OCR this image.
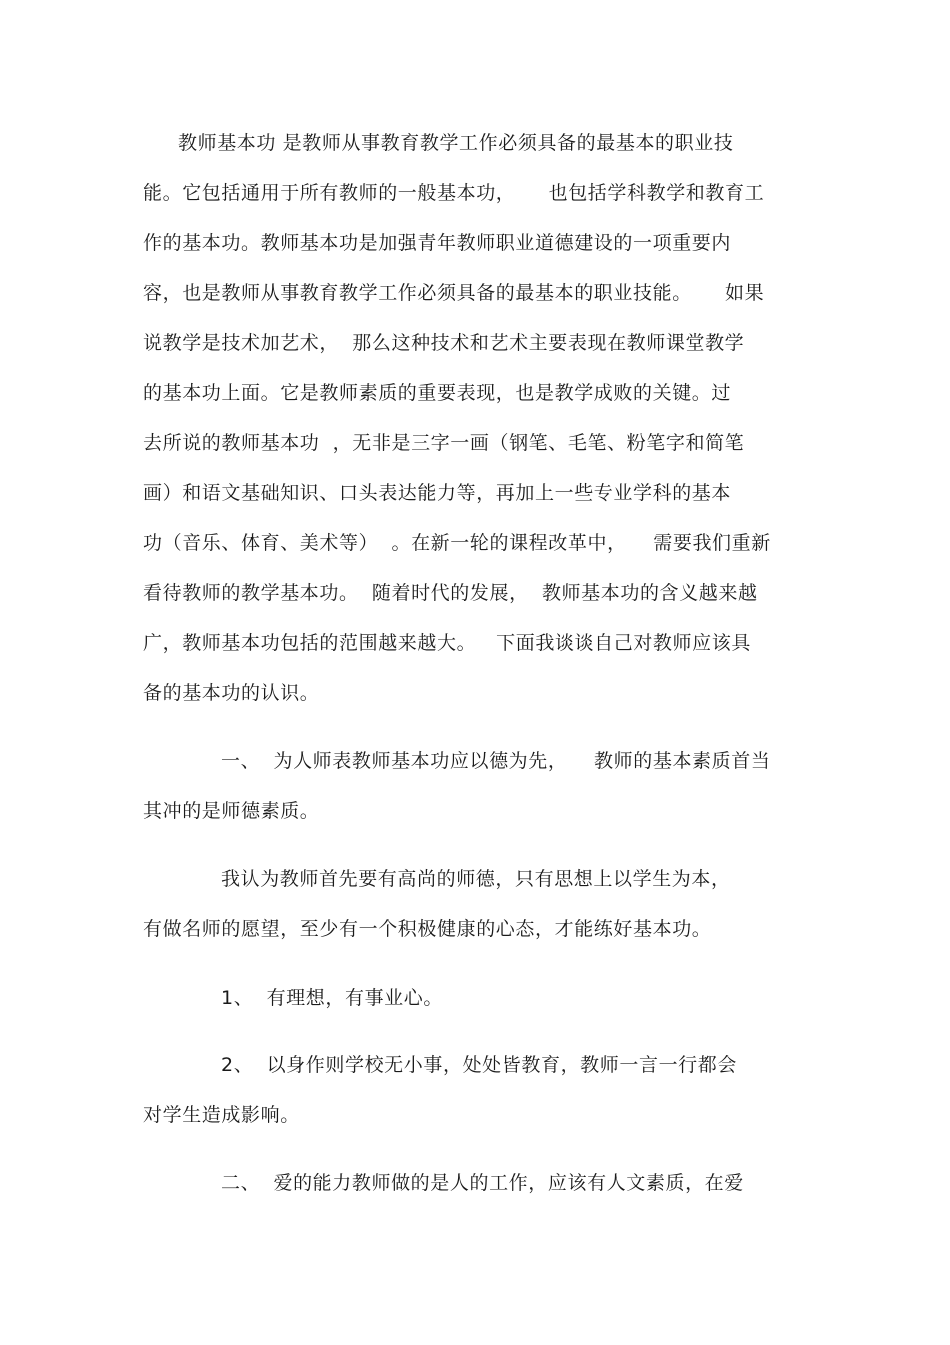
教师基本功 是教师从事教育教学工作必须具备的最基本的职业技
能。它包括通用于所有教师的一般基本功，     也包括学科教学和教育工
作的基本功。教师基本功是加强青年教师职业道德建设的一项重要内
容，也是教师从事教育教学工作必须具备的最基本的职业技能。     如果
说教学是技术加艺术，  那么这种技术和艺术主要表现在教师课堂教学
的基本功上面。它是教师素质的重要表现，也是教学成败的关键。过
去所说的教师基本功  ，无非是三字一画（钢笔、毛笔、粉笔字和简笔
画）和语文基础知识、口头表达能力等，再加上一些专业学科的基本
功（音乐、体育、美术等）  。在新一轮的课程改革中，    需要我们重新
看待教师的教学基本功。  随着时代的发展，  教师基本功的含义越来越
广，教师基本功包括的范围越来越大。   下面我谈谈自己对教师应该具
备的基本功的认识。
一、  为人师表教师基本功应以德为先，    教师的基本素质首当
其冲的是师德素质。
我认为教师首先要有高尚的师德，只有思想上以学生为本，
有做名师的愿望，至少有一个积极健康的心态，才能练好基本功。
1、  有理想，有事业心。
2、  以身作则学校无小事，处处皆教育，教师一言一行都会
对学生造成影响。
二、  爱的能力教师做的是人的工作，应该有人文素质，在爱
